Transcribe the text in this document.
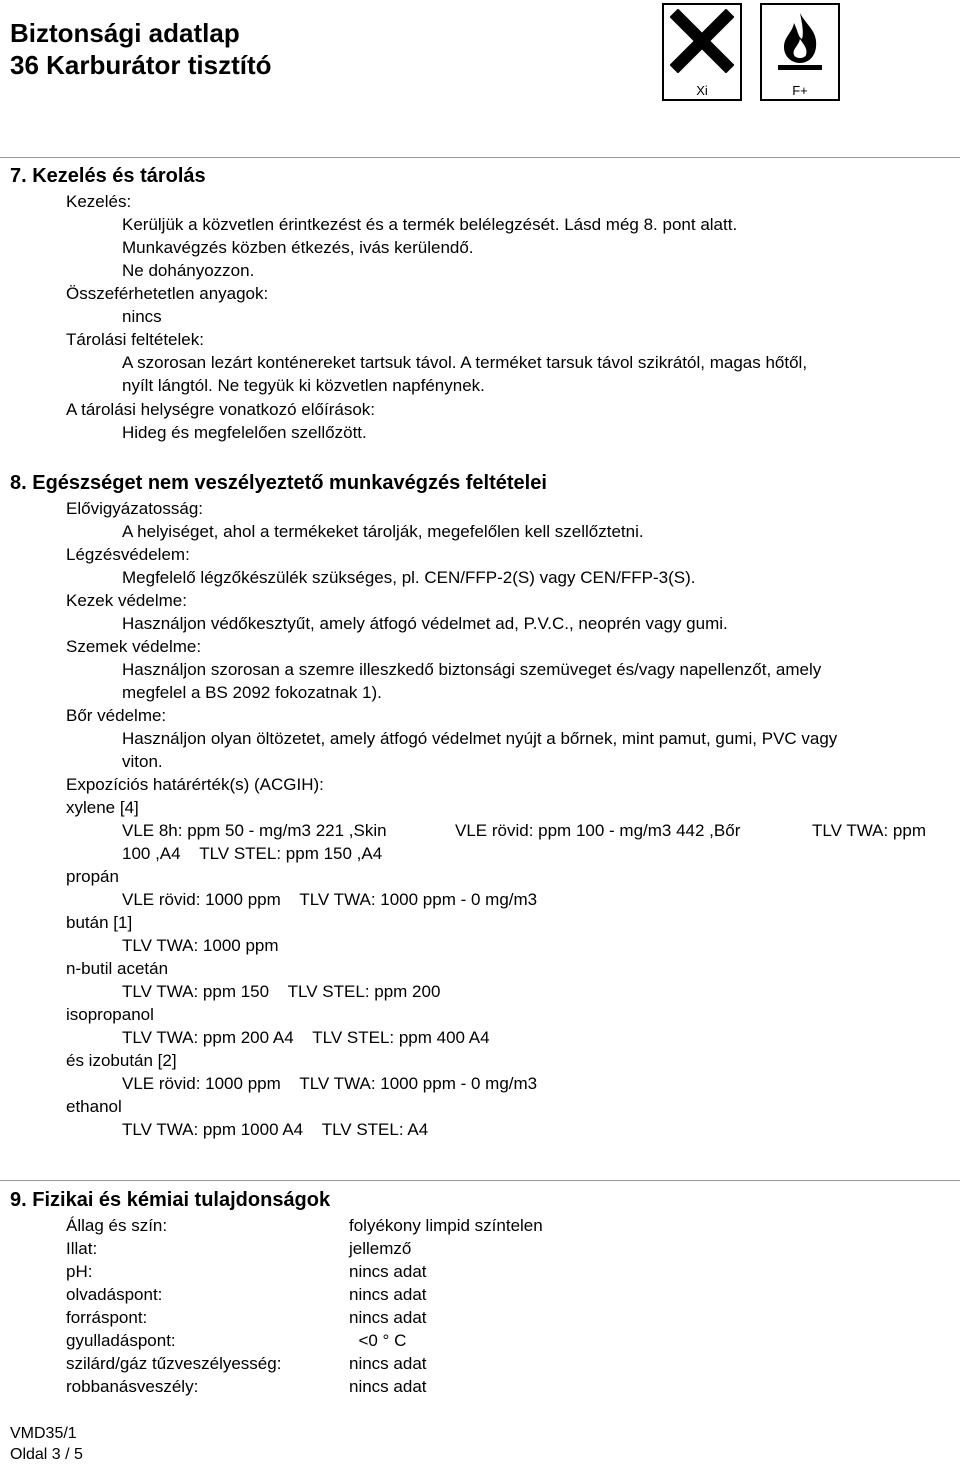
Biztonsági adatlap
36 Karburátor tisztító
Xi	F+
7. Kezelés és tárolás
Kezelés:
Kerüljük a közvetlen érintkezést és a termék belélegzését. Lásd még 8. pont alatt.
Munkavégzés közben étkezés, ivás kerülendő.
Ne dohányozzon.
Összeférhetetlen anyagok:
nincs
Tárolási feltételek:
A szorosan lezárt konténereket tartsuk távol. A terméket tarsuk távol szikrától, magas hőtől,
nyílt lángtól. Ne tegyük ki közvetlen napfénynek.
A tárolási helységre vonatkozó előírások:
Hideg és megfelelően szellőzött.
8. Egészséget nem veszélyeztető munkavégzés feltételei
Elővigyázatosság:
A helyiséget, ahol a termékeket tárolják, megefelőlen kell szellőztetni.
Légzésvédelem:
Megfelelő légzőkészülék szükséges, pl. CEN/FFP-2(S) vagy CEN/FFP-3(S).
Kezek védelme:
Használjon védőkesztyűt, amely átfogó védelmet ad, P.V.C., neoprén vagy gumi.
Szemek védelme:
Használjon szorosan a szemre illeszkedő biztonsági szemüveget és/vagy napellenzőt, amely
megfelel a BS 2092 fokozatnak 1).
Bőr védelme:
Használjon olyan öltözetet, amely átfogó védelmet nyújt a bőrnek, mint pamut, gumi, PVC vagy
viton.
Expozíciós határérték(s) (ACGIH):
xylene [4]
VLE 8h: ppm 50 - mg/m3 221 ,Skin	VLE rövid: ppm 100 - mg/m3 442 ,Bőr	TLV TWA: ppm
100 ,A4    TLV STEL: ppm 150 ,A4
propán
VLE rövid: 1000 ppm    TLV TWA: 1000 ppm - 0 mg/m3
bután [1]
TLV TWA: 1000 ppm
n-butil acetán
TLV TWA: ppm 150    TLV STEL: ppm 200
isopropanol
TLV TWA: ppm 200 A4    TLV STEL: ppm 400 A4
és izobután [2]
VLE rövid: 1000 ppm    TLV TWA: 1000 ppm - 0 mg/m3
ethanol
TLV TWA: ppm 1000 A4    TLV STEL: A4
9. Fizikai és kémiai tulajdonságok
Állag és szín:	folyékony limpid színtelen
Illat:	jellemző
pH:	nincs adat
olvadáspont:	nincs adat
forráspont:	nincs adat
gyulladáspont:	<0 ° C
szilárd/gáz tűzveszélyesség:	nincs adat
robbanásveszély:	nincs adat
VMD35/1
Oldal 3 / 5
